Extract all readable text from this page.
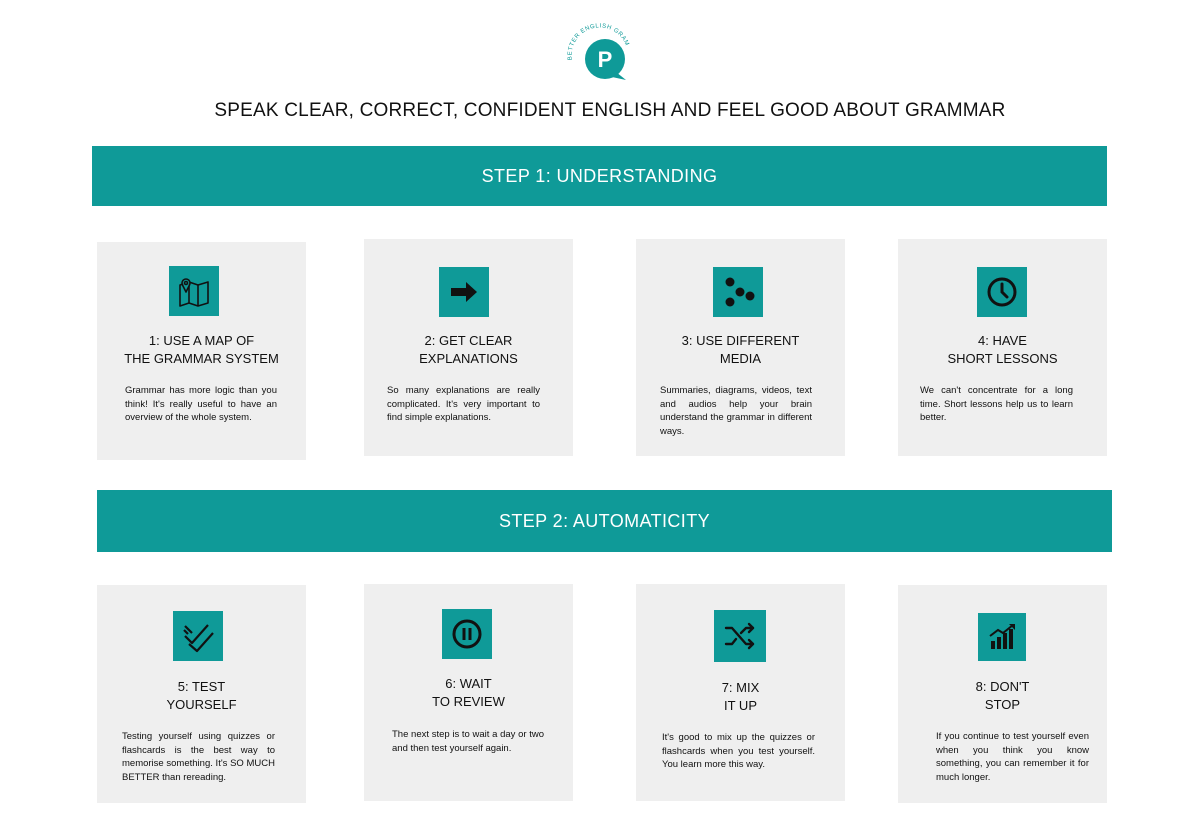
BETTER ENGLISH GRAM
P
SPEAK CLEAR, CORRECT, CONFIDENT ENGLISH AND FEEL GOOD ABOUT GRAMMAR
STEP 1: UNDERSTANDING
1: USE A MAP OF
THE GRAMMAR SYSTEM
Grammar has more logic than you think! It's really useful to have an overview of the whole system.
2: GET CLEAR
EXPLANATIONS
So many explanations are really complicated. It's very important to find simple explanations.
3: USE DIFFERENT
MEDIA
Summaries, diagrams, videos, text and audios help your brain understand the grammar in different ways.
4: HAVE
SHORT LESSONS
We can't concentrate for a long time. Short lessons help us to learn better.
STEP 2: AUTOMATICITY
5: TEST
YOURSELF
Testing yourself using quizzes or flashcards is the best way to memorise something. It's SO MUCH BETTER than rereading.
6: WAIT
TO REVIEW
The next step is to wait a day or two and then test yourself again.
7: MIX
IT UP
It's good to mix up the quizzes or flashcards when you test yourself. You learn more this way.
8: DON'T
STOP
If you continue to test yourself even when you think you know something, you can remember it for much longer.
